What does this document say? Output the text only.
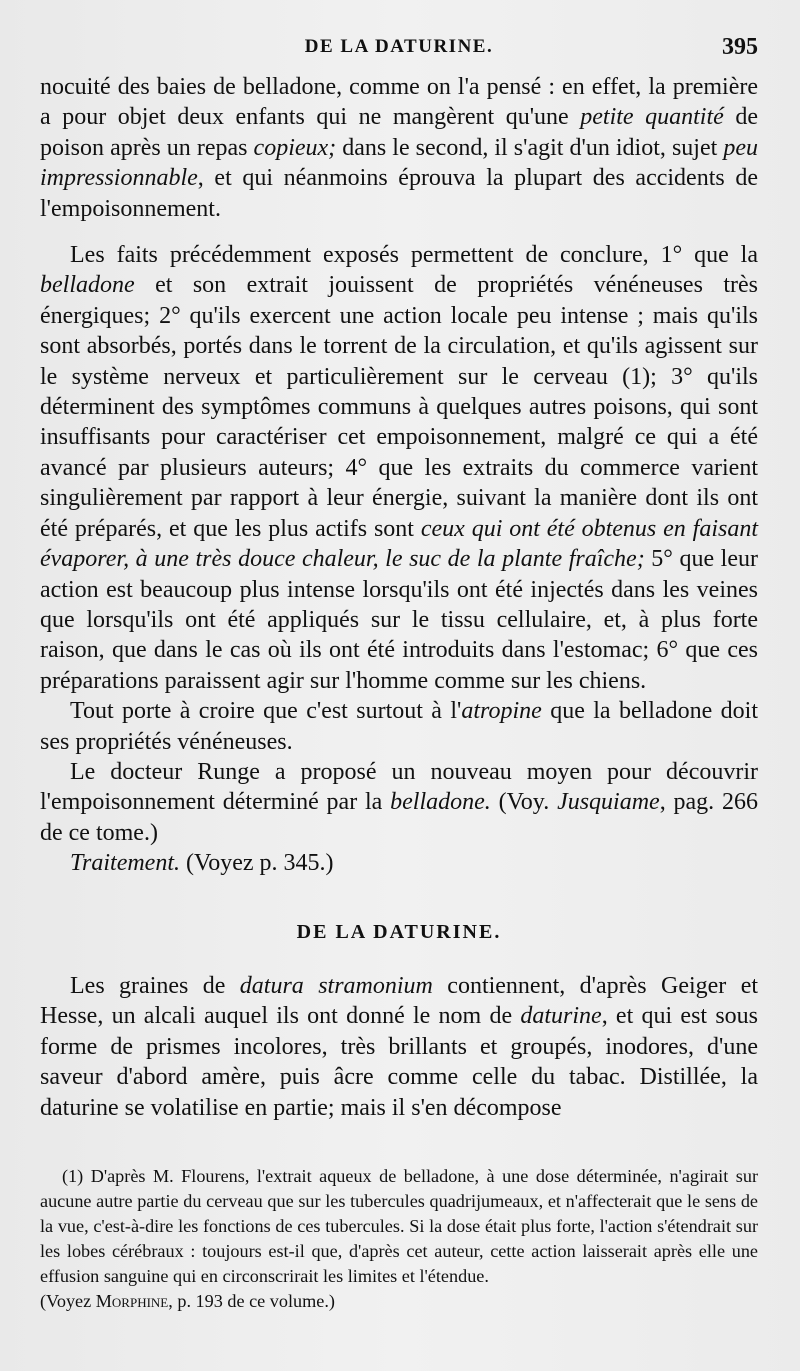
DE LA DATURINE.	395

nocuité des baies de belladone, comme on l'a pensé : en effet, la première a pour objet deux enfants qui ne mangèrent qu'une petite quantité de poison après un repas copieux; dans le second, il s'agit d'un idiot, sujet peu impressionnable, et qui néanmoins éprouva la plupart des accidents de l'empoisonnement.

Les faits précédemment exposés permettent de conclure, 1° que la belladone et son extrait jouissent de propriétés vénéneuses très énergiques; 2° qu'ils exercent une action locale peu intense ; mais qu'ils sont absorbés, portés dans le torrent de la circulation, et qu'ils agissent sur le système nerveux et particulièrement sur le cerveau (1); 3° qu'ils déterminent des symptômes communs à quelques autres poisons, qui sont insuffisants pour caractériser cet empoisonnement, malgré ce qui a été avancé par plusieurs auteurs; 4° que les extraits du commerce varient singulièrement par rapport à leur énergie, suivant la manière dont ils ont été préparés, et que les plus actifs sont ceux qui ont été obtenus en faisant évaporer, à une très douce chaleur, le suc de la plante fraîche; 5° que leur action est beaucoup plus intense lorsqu'ils ont été injectés dans les veines que lorsqu'ils ont été appliqués sur le tissu cellulaire, et, à plus forte raison, que dans le cas où ils ont été introduits dans l'estomac; 6° que ces préparations paraissent agir sur l'homme comme sur les chiens.

Tout porte à croire que c'est surtout à l'atropine que la belladone doit ses propriétés vénéneuses.

Le docteur Runge a proposé un nouveau moyen pour découvrir l'empoisonnement déterminé par la belladone. (Voy. Jusquiame, pag. 266 de ce tome.)

Traitement. (Voyez p. 345.)

DE LA DATURINE.

Les graines de datura stramonium contiennent, d'après Geiger et Hesse, un alcali auquel ils ont donné le nom de daturine, et qui est sous forme de prismes incolores, très brillants et groupés, inodores, d'une saveur d'abord amère, puis âcre comme celle du tabac. Distillée, la daturine se volatilise en partie; mais il s'en décompose

(1) D'après M. Flourens, l'extrait aqueux de belladone, à une dose déterminée, n'agirait sur aucune autre partie du cerveau que sur les tubercules quadrijumeaux, et n'affecterait que le sens de la vue, c'est-à-dire les fonctions de ces tubercules. Si la dose était plus forte, l'action s'étendrait sur les lobes cérébraux : toujours est-il que, d'après cet auteur, cette action laisserait après elle une effusion sanguine qui en circonscrirait les limites et l'étendue.

(Voyez Morphine, p. 193 de ce volume.)
